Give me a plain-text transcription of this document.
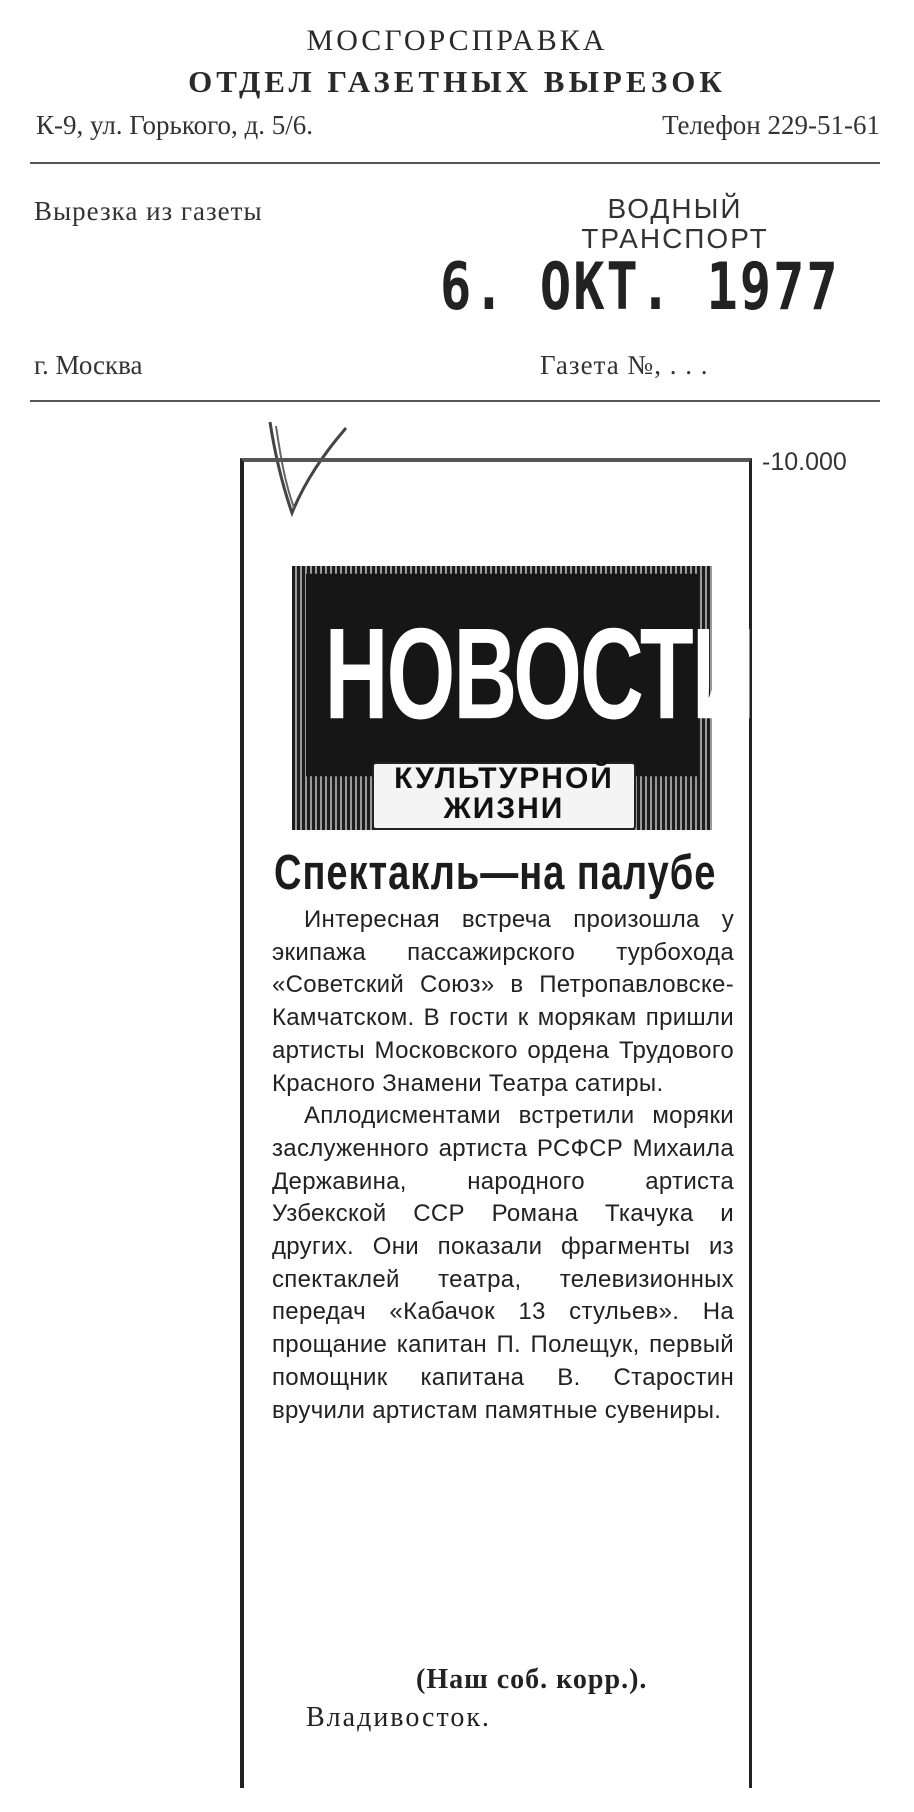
МОСГОРСПРАВКА
ОТДЕЛ ГАЗЕТНЫХ ВЫРЕЗОК
К-9, ул. Горького, д. 5/6.	Телефон 229-51-61
Вырезка из газеты	ВОДНЫЙ ТРАНСПОРТ
6. ОКТ. 1977
г. Москва	Газета №, . . .
-10.000
НОВОСТИ
КУЛЬТУРНОЙ ЖИЗНИ
Спектакль—на палубе

Интересная встреча произошла у экипажа пассажирского турбохода «Советский Союз» в Петропавловске-Камчатском. В гости к морякам пришли артисты Московского ордена Трудового Красного Знамени Театра сатиры.

Аплодисментами встретили моряки заслуженного артиста РСФСР Михаила Державина, народного артиста Узбекской ССР Романа Ткачука и других. Они показали фрагменты из спектаклей театра, телевизионных передач «Кабачок 13 стульев». На прощание капитан П. Полещук, первый помощник капитана В. Старостин вручили артистам памятные сувениры.

(Наш соб. корр.).
Владивосток.
